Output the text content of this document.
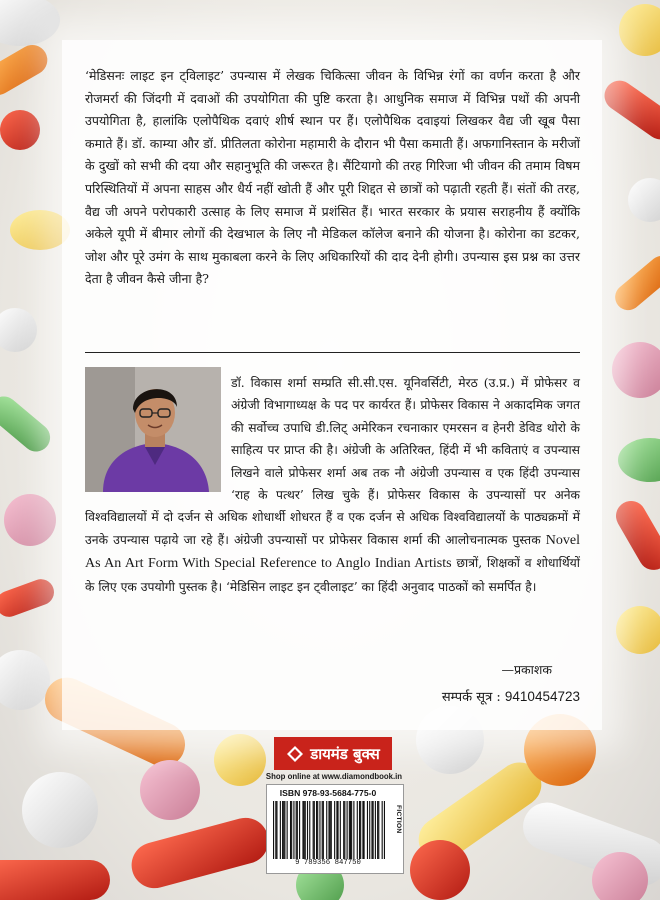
‘मेडिसनः लाइट इन ट्विलाइट’ उपन्यास में लेखक चिकित्सा जीवन के विभिन्न रंगों का वर्णन करता है और रोजमर्रा की जिंदगी में दवाओं की उपयोगिता की पुष्टि करता है। आधुनिक समाज में विभिन्न पथों की अपनी उपयोगिता है, हालांकि एलोपैथिक दवाएं शीर्ष स्थान पर हैं। एलोपैथिक दवाइयां लिखकर वैद्य जी खूब पैसा कमाते हैं। डॉ. काम्या और डॉ. प्रीतिलता कोरोना महामारी के दौरान भी पैसा कमाती हैं। अफगानिस्तान के मरीजों के दुखों को सभी की दया और सहानुभूति की जरूरत है। सैंटियागो की तरह गिरिजा भी जीवन की तमाम विषम परिस्थितियों में अपना साहस और धैर्य नहीं खोती हैं और पूरी शिद्दत से छात्रों को पढ़ाती रहती हैं। संतों की तरह, वैद्य जी अपने परोपकारी उत्साह के लिए समाज में प्रशंसित हैं। भारत सरकार के प्रयास सराहनीय हैं क्योंकि अकेले यूपी में बीमार लोगों की देखभाल के लिए नौ मेडिकल कॉलेज बनाने की योजना है। कोरोना का डटकर, जोश और पूरे उमंग के साथ मुकाबला करने के लिए अधिकारियों की दाद देनी होगी। उपन्यास इस प्रश्न का उत्तर देता है जीवन कैसे जीना है?

डॉ. विकास शर्मा सम्प्रति सी.सी.एस. यूनिवर्सिटी, मेरठ (उ.प्र.) में प्रोफेसर व अंग्रेजी विभागाध्यक्ष के पद पर कार्यरत हैं। प्रोफेसर विकास ने अकादमिक जगत की सर्वोच्च उपाधि डी.लिट् अमेरिकन रचनाकार एमरसन व हेनरी डेविड थोरो के साहित्य पर प्राप्त की है। अंग्रेजी के अतिरिक्त, हिंदी में भी कविताएं व उपन्यास लिखने वाले प्रोफेसर शर्मा अब तक नौ अंग्रेजी उपन्यास व एक हिंदी उपन्यास ‘राह के पत्थर’ लिख चुके हैं। प्रोफेसर विकास के उपन्यासों पर अनेक विश्वविद्यालयों में दो दर्जन से अधिक शोधार्थी शोधरत हैं व एक दर्जन से अधिक विश्वविद्यालयों के पाठ्यक्रमों में उनके उपन्यास पढ़ाये जा रहे हैं। अंग्रेजी उपन्यासों पर प्रोफेसर विकास शर्मा की आलोचनात्मक पुस्तक Novel As An Art Form With Special Reference to Anglo Indian Artists छात्रों, शिक्षकों व शोधार्थियों के लिए एक उपयोगी पुस्तक है। ‘मेडिसिन लाइट इन ट्वीलाइट’ का हिंदी अनुवाद पाठकों को समर्पित है।

—प्रकाशक
सम्पर्क सूत्र : 9410454723
डायमंड बुक्स
Shop online at www.diamondbook.in
ISBN 978-93-5684-775-0
FICTION
9 789356 847750
